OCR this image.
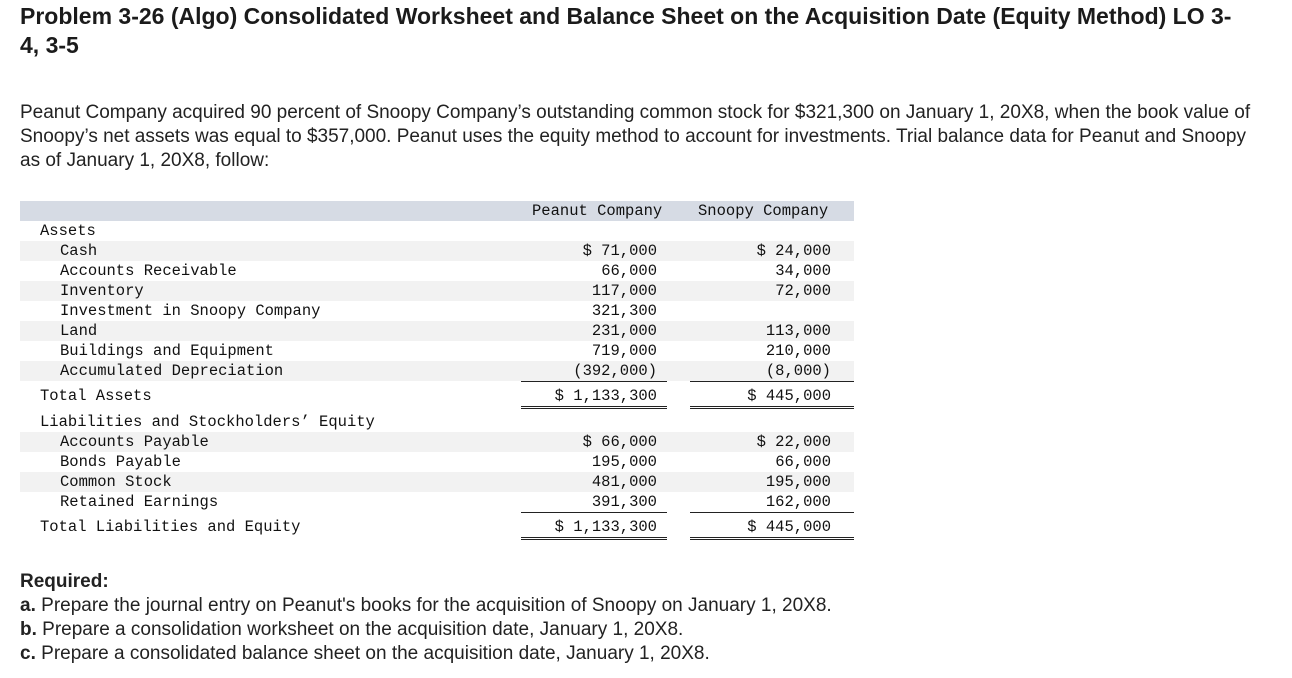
Problem 3-26 (Algo) Consolidated Worksheet and Balance Sheet on the Acquisition Date (Equity Method) LO 3-4, 3-5

Peanut Company acquired 90 percent of Snoopy Company’s outstanding common stock for $321,300 on January 1, 20X8, when the book value of Snoopy’s net assets was equal to $357,000. Peanut uses the equity method to account for investments. Trial balance data for Peanut and Snoopy as of January 1, 20X8, follow:

Peanut Company Snoopy Company
Assets
Cash	$ 71,000	$ 24,000
Accounts Receivable	66,000	34,000
Inventory	117,000	72,000
Investment in Snoopy Company	321,300
Land	231,000	113,000
Buildings and Equipment	719,000	210,000
Accumulated Depreciation	(392,000)	(8,000)
Total Assets	$ 1,133,300	$ 445,000
Liabilities and Stockholders’ Equity
Accounts Payable	$ 66,000	$ 22,000
Bonds Payable	195,000	66,000
Common Stock	481,000	195,000
Retained Earnings	391,300	162,000
Total Liabilities and Equity	$ 1,133,300	$ 445,000

Required:

a. Prepare the journal entry on Peanut's books for the acquisition of Snoopy on January 1, 20X8.

b. Prepare a consolidation worksheet on the acquisition date, January 1, 20X8.

c. Prepare a consolidated balance sheet on the acquisition date, January 1, 20X8.
